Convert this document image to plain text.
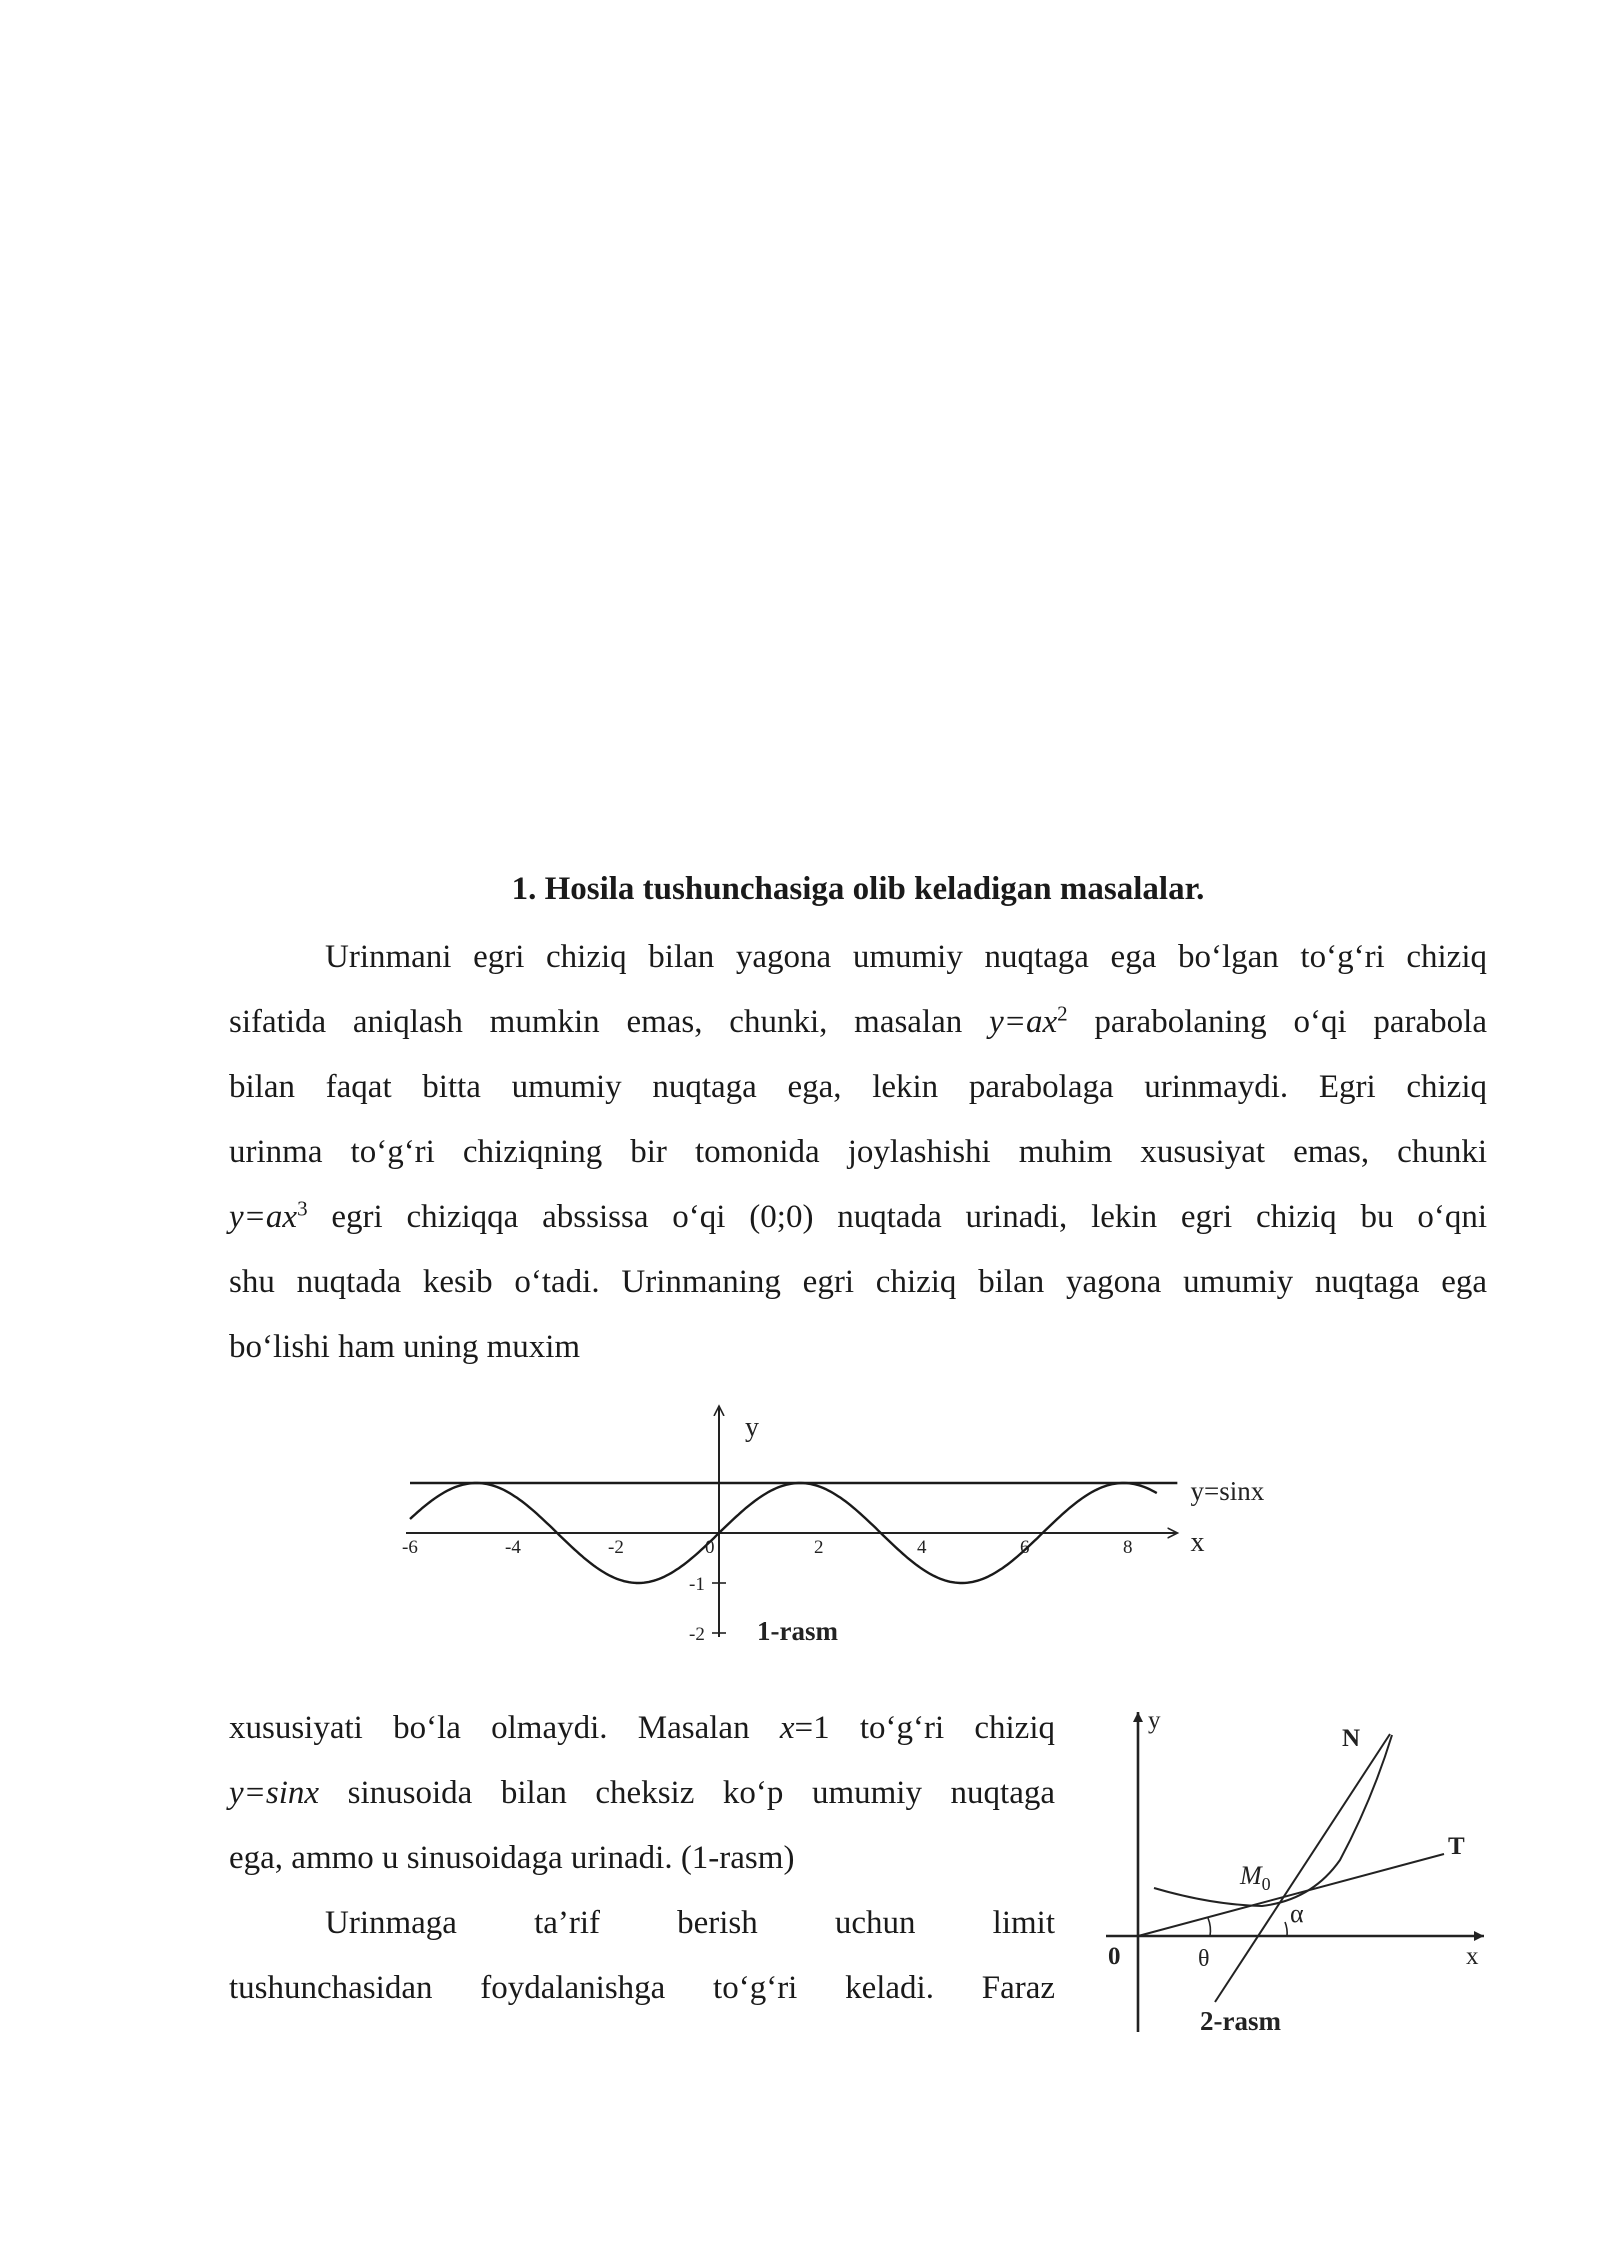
1. Hosila tushunchasiga olib keladigan masalalar.
Urinmani egri chiziq bilan yagona umumiy nuqtaga ega bo‘lgan to‘g‘ri chiziq
sifatida aniqlash mumkin emas, chunki, masalan $y=ax^2$ parabolaning o‘qi parabola
bilan faqat bitta umumiy nuqtaga ega, lekin parabolaga urinmaydi. Egri chiziq
urinma to‘g‘ri chiziqning bir tomonida joylashishi muhim xususiyat emas, chunki
$y=ax^3$ egri chiziqqa abssissa o‘qi (0;0) nuqtada urinadi, lekin egri chiziq bu o‘qni
shu nuqtada kesib o‘tadi. Urinmaning egri chiziq bilan yagona umumiy nuqtaga ega
bo‘lishi ham uning muxim
-6	-4	-2	0	2	4	6	8
-1
-2
y
x
y=sinx
1-rasm
xususiyati bo‘la olmaydi. Masalan x=1 to‘g‘ri chiziq
y=sinx sinusoida bilan cheksiz ko‘p umumiy nuqtaga
ega, ammo u sinusoidaga urinadi. (1-rasm)
Urinmaga ta’rif berish uchun limit
tushunchasidan foydalanishga to‘g‘ri keladi. Faraz
y
x
0
N
T
$M_0$
α
θ
2-rasm
